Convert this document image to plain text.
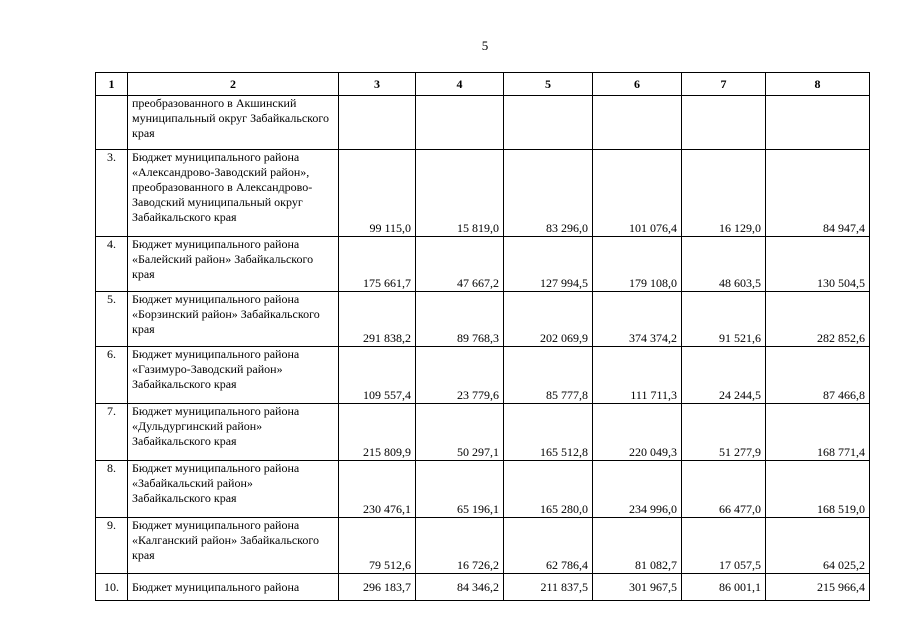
5
1	2	3	4	5	6	7	8
	преобразованного в Акшинский муниципальный округ Забайкальского края						
3.	Бюджет муниципального района «Александрово-Заводский район», преобразованного в Александрово-Заводский муниципальный округ Забайкальского края	99 115,0	15 819,0	83 296,0	101 076,4	16 129,0	84 947,4
4.	Бюджет муниципального района «Балейский район» Забайкальского края	175 661,7	47 667,2	127 994,5	179 108,0	48 603,5	130 504,5
5.	Бюджет муниципального района «Борзинский район» Забайкальского края	291 838,2	89 768,3	202 069,9	374 374,2	91 521,6	282 852,6
6.	Бюджет муниципального района «Газимуро-Заводский район» Забайкальского края	109 557,4	23 779,6	85 777,8	111 711,3	24 244,5	87 466,8
7.	Бюджет муниципального района «Дульдургинский район» Забайкальского края	215 809,9	50 297,1	165 512,8	220 049,3	51 277,9	168 771,4
8.	Бюджет муниципального района «Забайкальский район» Забайкальского края	230 476,1	65 196,1	165 280,0	234 996,0	66 477,0	168 519,0
9.	Бюджет муниципального района «Калганский район» Забайкальского края	79 512,6	16 726,2	62 786,4	81 082,7	17 057,5	64 025,2
10.	Бюджет муниципального района	296 183,7	84 346,2	211 837,5	301 967,5	86 001,1	215 966,4
